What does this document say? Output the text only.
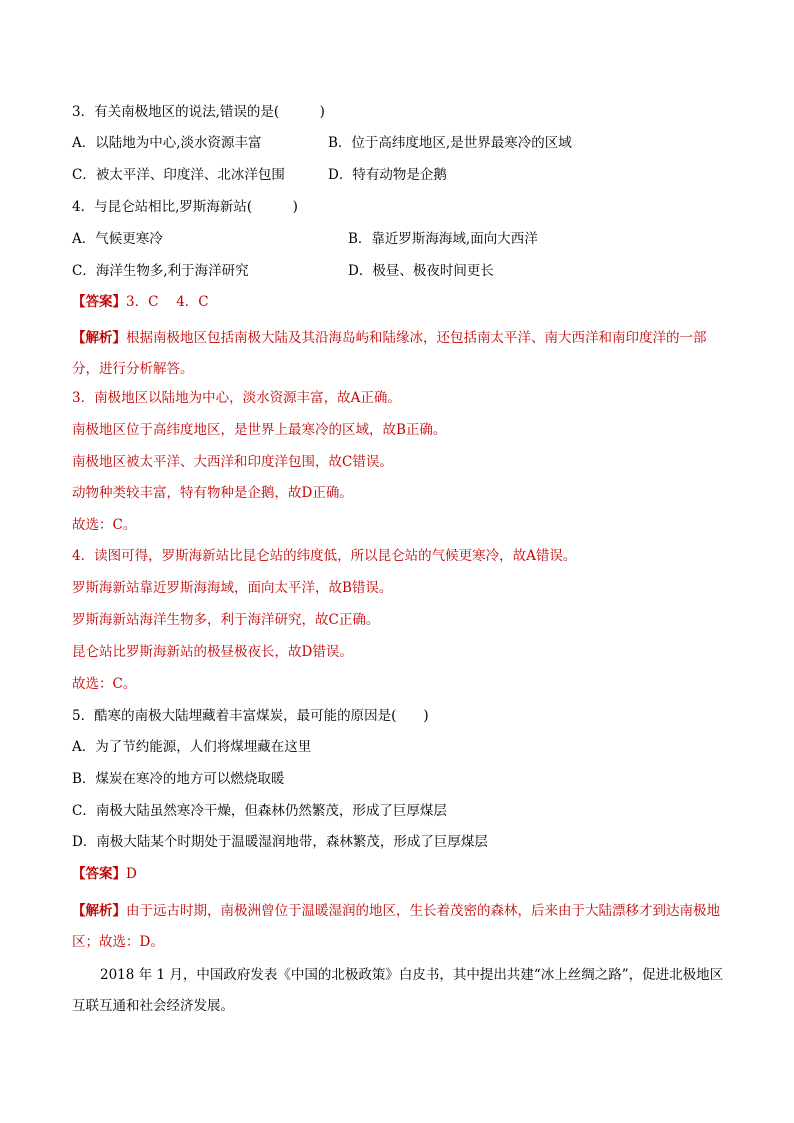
3．有关南极地区的说法,错误的是(　　　)
A．以陆地为中心,淡水资源丰富	B．位于高纬度地区,是世界最寒冷的区域
C．被太平洋、印度洋、北冰洋包围	D．特有动物是企鹅
4．与昆仑站相比,罗斯海新站(　　　)
A．气候更寒冷	B．靠近罗斯海海域,面向大西洋
C．海洋生物多,利于海洋研究	D．极昼、极夜时间更长
【答案】3．C　 4．C
【解析】根据南极地区包括南极大陆及其沿海岛屿和陆缘冰，还包括南太平洋、南大西洋和南印度洋的一部分，进行分析解答。
3．南极地区以陆地为中心，淡水资源丰富，故A正确。
南极地区位于高纬度地区，是世界上最寒冷的区域，故B正确。
南极地区被太平洋、大西洋和印度洋包围，故C错误。
动物种类较丰富，特有物种是企鹅，故D正确。
故选：C。
4．读图可得，罗斯海新站比昆仑站的纬度低，所以昆仑站的气候更寒冷，故A错误。
罗斯海新站靠近罗斯海海域，面向太平洋，故B错误。
罗斯海新站海洋生物多，利于海洋研究，故C正确。
昆仑站比罗斯海新站的极昼极夜长，故D错误。
故选：C。
5．酷寒的南极大陆埋藏着丰富煤炭，最可能的原因是(　　)
A．为了节约能源，人们将煤埋藏在这里
B．煤炭在寒冷的地方可以燃烧取暖
C．南极大陆虽然寒冷干燥，但森林仍然繁茂，形成了巨厚煤层
D．南极大陆某个时期处于温暖湿润地带，森林繁茂，形成了巨厚煤层
【答案】D
【解析】由于远古时期，南极洲曾位于温暖湿润的地区，生长着茂密的森林，后来由于大陆漂移才到达南极地区；故选：D。
2018 年 1 月，中国政府发表《中国的北极政策》白皮书，其中提出共建“冰上丝绸之路”，促进北极地区互联互通和社会经济发展。
